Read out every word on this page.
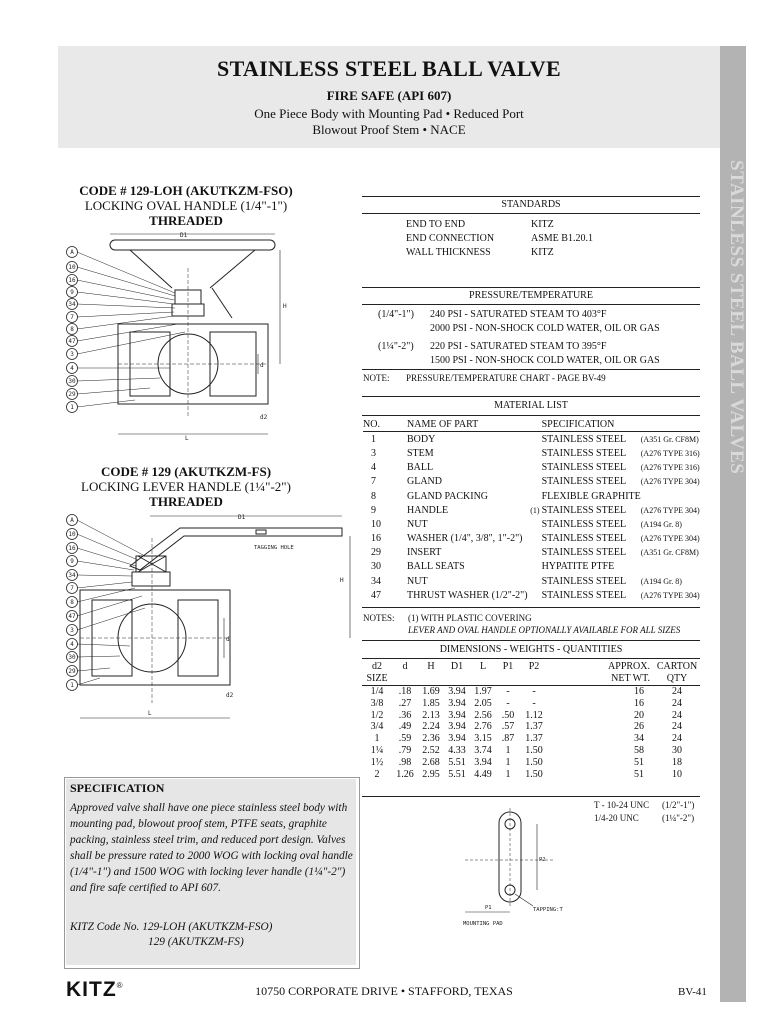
STAINLESS STEEL BALL VALVE
FIRE SAFE (API 607)
One Piece Body with Mounting Pad • Reduced Port
Blowout Proof Stem • NACE
STAINLESS STEEL BALL VALVES
CODE # 129-LOH (AKUTKZM-FSO)
LOCKING OVAL HANDLE (1/4"-1")
THREADED
A
10
16
9
34
7
8
47
3
4
30
29
1
D1
H
d
d2
L
CODE # 129 (AKUTKZM-FS)
LOCKING LEVER HANDLE (1¼"-2")
THREADED
A
10
16
9
34
7
8
47
3
4
30
29
1
TAGGING HOLE
D1
H
d
d2
L
STANDARDS
END TO END	KITZ
END CONNECTION	ASME B1.20.1
WALL THICKNESS	KITZ
PRESSURE/TEMPERATURE
(1/4"-1")	240 PSI - SATURATED STEAM TO 403°F
2000 PSI - NON-SHOCK COLD WATER, OIL OR GAS
(1¼"-2")	220 PSI - SATURATED STEAM TO 395°F
1500 PSI - NON-SHOCK COLD WATER, OIL OR GAS
NOTE: PRESSURE/TEMPERATURE CHART - PAGE BV-49
MATERIAL LIST
NO.	NAME OF PART		SPECIFICATION	
1	BODY		STAINLESS STEEL	(A351 Gr. CF8M)
3	STEM		STAINLESS STEEL	(A276 TYPE 316)
4	BALL		STAINLESS STEEL	(A276 TYPE 316)
7	GLAND		STAINLESS STEEL	(A276 TYPE 304)
8	GLAND PACKING		FLEXIBLE GRAPHITE	
9	HANDLE	(1)	STAINLESS STEEL	(A276 TYPE 304)
10	NUT		STAINLESS STEEL	(A194 Gr. 8)
16	WASHER (1/4", 3/8", 1"-2")		STAINLESS STEEL	(A276 TYPE 304)
29	INSERT		STAINLESS STEEL	(A351 Gr. CF8M)
30	BALL SEATS		HYPATITE PTFE	
34	NUT		STAINLESS STEEL	(A194 Gr. 8)
47	THRUST WASHER (1/2"-2")		STAINLESS STEEL	(A276 TYPE 304)
NOTES: (1) WITH PLASTIC COVERING
LEVER AND OVAL HANDLE OPTIONALLY AVAILABLE FOR ALL SIZES
DIMENSIONS - WEIGHTS - QUANTITIES
d2	d	H	D1	L	P1	P2	APPROX.	CARTON
SIZE							NET WT.	QTY
1/4	.18	1.69	3.94	1.97	-	-	16	24
3/8	.27	1.85	3.94	2.05	-	-	16	24
1/2	.36	2.13	3.94	2.56	.50	1.12	20	24
3/4	.49	2.24	3.94	2.76	.57	1.37	26	24
1	.59	2.36	3.94	3.15	.87	1.37	34	24
1¼	.79	2.52	4.33	3.74	1	1.50	58	30
1½	.98	2.68	5.51	3.94	1	1.50	51	18
2	1.26	2.95	5.51	4.49	1	1.50	51	10
T - 10-24 UNC (1/2"-1")
1/4-20 UNC	(1¼"-2")
P2
P1	TAPPING:T
MOUNTING PAD
SPECIFICATION
Approved valve shall have one piece stainless steel body with mounting pad, blowout proof stem, PTFE seats, graphite packing, stainless steel trim, and reduced port design. Valves shall be pressure rated to 2000 WOG with locking oval handle (1/4"-1") and 1500 WOG with locking lever handle (1¼"-2") and fire safe certified to API 607.
KITZ Code No. 129-LOH (AKUTKZM-FSO)
129 (AKUTKZM-FS)
KITZ®	10750 CORPORATE DRIVE • STAFFORD, TEXAS	BV-41
